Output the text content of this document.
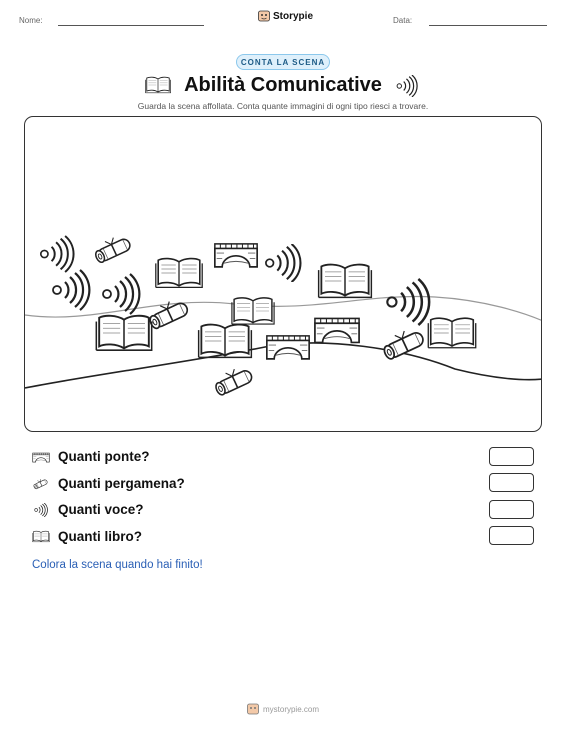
Nome:	Storypie	Data:
CONTA LA SCENA
Abilità Comunicative
Guarda la scena affollata. Conta quante immagini di ogni tipo riesci a trovare.
Quanti ponte?
Quanti pergamena?
Quanti voce?
Quanti libro?
Colora la scena quando hai finito!
mystorypie.com
